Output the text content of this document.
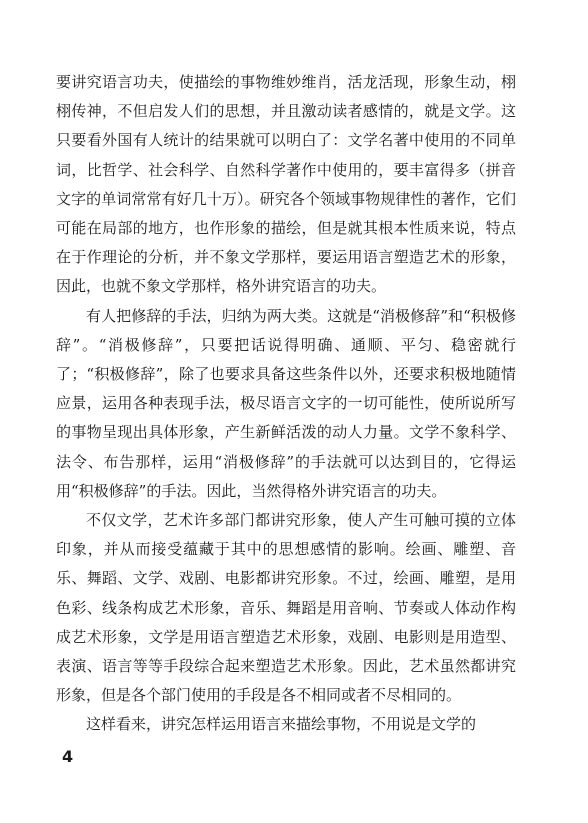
要讲究语言功夫，使描绘的事物维妙维肖，活龙活现，形象生动，栩栩传神，不但启发人们的思想，并且激动读者感情的，就是文学。这只要看外国有人统计的结果就可以明白了：文学名著中使用的不同单词，比哲学、社会科学、自然科学著作中使用的，要丰富得多（拼音文字的单词常常有好几十万）。研究各个领域事物规律性的著作，它们可能在局部的地方，也作形象的描绘，但是就其根本性质来说，特点在于作理论的分析，并不象文学那样，要运用语言塑造艺术的形象，因此，也就不象文学那样，格外讲究语言的功夫。

有人把修辞的手法，归纳为两大类。这就是“消极修辞”和“积极修辞”。“消极修辞”，只要把话说得明确、通顺、平匀、稳密就行了；“积极修辞”，除了也要求具备这些条件以外，还要求积极地随情应景，运用各种表现手法，极尽语言文字的一切可能性，使所说所写的事物呈现出具体形象，产生新鲜活泼的动人力量。文学不象科学、法令、布告那样，运用“消极修辞”的手法就可以达到目的，它得运用“积极修辞”的手法。因此，当然得格外讲究语言的功夫。

不仅文学，艺术许多部门都讲究形象，使人产生可触可摸的立体印象，并从而接受蕴藏于其中的思想感情的影响。绘画、雕塑、音乐、舞蹈、文学、戏剧、电影都讲究形象。不过，绘画、雕塑，是用色彩、线条构成艺术形象，音乐、舞蹈是用音响、节奏或人体动作构成艺术形象，文学是用语言塑造艺术形象，戏剧、电影则是用造型、表演、语言等等手段综合起来塑造艺术形象。因此，艺术虽然都讲究形象，但是各个部门使用的手段是各不相同或者不尽相同的。

这样看来，讲究怎样运用语言来描绘事物，不用说是文学的

4
